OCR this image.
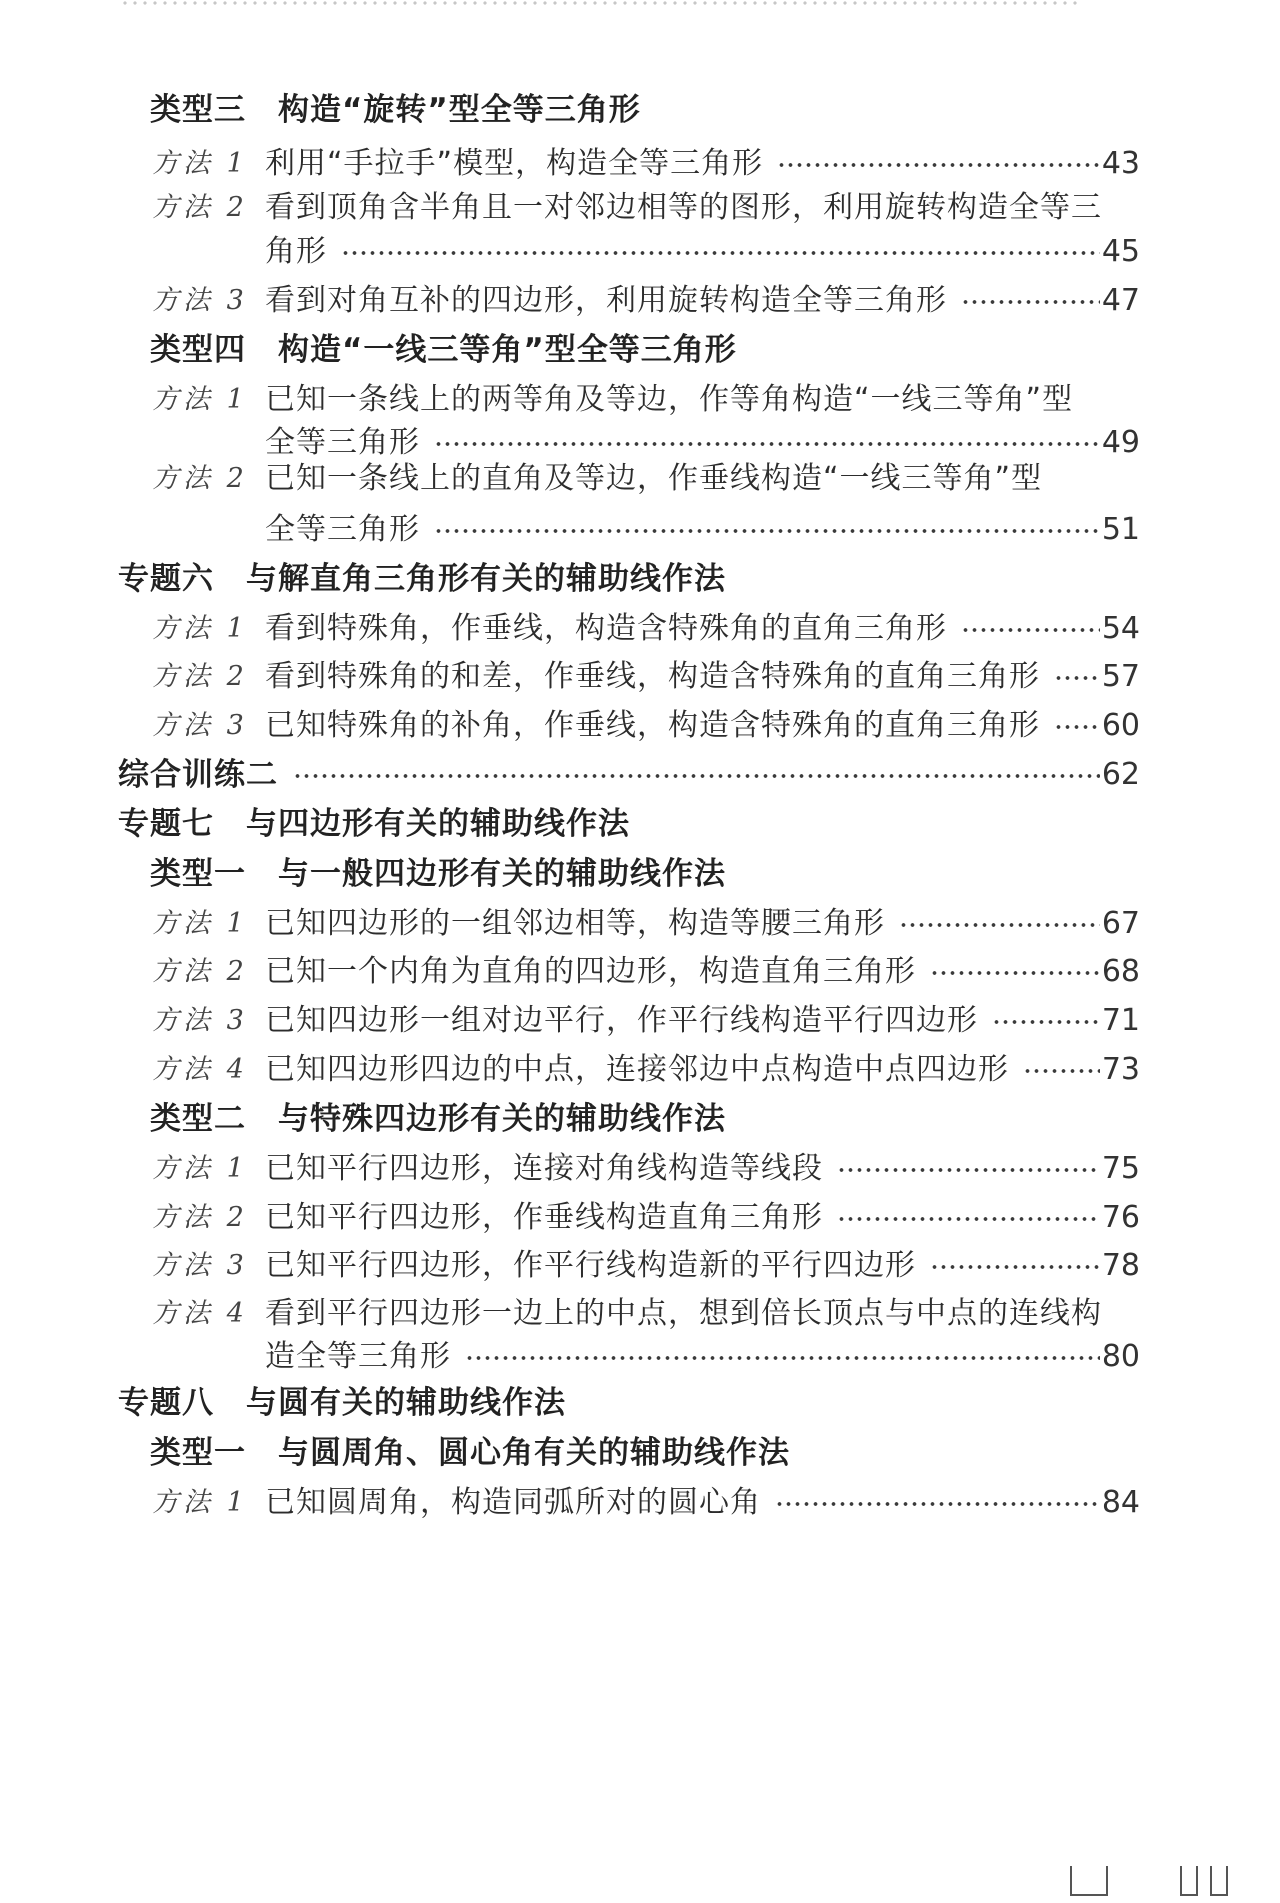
类型三　构造“旋转”型全等三角形
方法 1 利用“手拉手”模型，构造全等三角形	43
方法 2 看到顶角含半角且一对邻边相等的图形，利用旋转构造全等三
角形	45
方法 3 看到对角互补的四边形，利用旋转构造全等三角形	47
类型四　构造“一线三等角”型全等三角形
方法 1 已知一条线上的两等角及等边，作等角构造“一线三等角”型
全等三角形	49
方法 2 已知一条线上的直角及等边，作垂线构造“一线三等角”型
全等三角形	51
专题六　与解直角三角形有关的辅助线作法
方法 1 看到特殊角，作垂线，构造含特殊角的直角三角形	54
方法 2 看到特殊角的和差，作垂线，构造含特殊角的直角三角形 57
方法 3 已知特殊角的补角，作垂线，构造含特殊角的直角三角形 60
综合训练二	62
专题七　与四边形有关的辅助线作法
类型一　与一般四边形有关的辅助线作法
方法 1 已知四边形的一组邻边相等，构造等腰三角形	67
方法 2 已知一个内角为直角的四边形，构造直角三角形	68
方法 3 已知四边形一组对边平行，作平行线构造平行四边形	71
方法 4 已知四边形四边的中点，连接邻边中点构造中点四边形	73
类型二　与特殊四边形有关的辅助线作法
方法 1 已知平行四边形，连接对角线构造等线段	75
方法 2 已知平行四边形，作垂线构造直角三角形	76
方法 3 已知平行四边形，作平行线构造新的平行四边形	78
方法 4 看到平行四边形一边上的中点，想到倍长顶点与中点的连线构
造全等三角形	80
专题八　与圆有关的辅助线作法
类型一　与圆周角、圆心角有关的辅助线作法
方法 1 已知圆周角，构造同弧所对的圆心角	84
